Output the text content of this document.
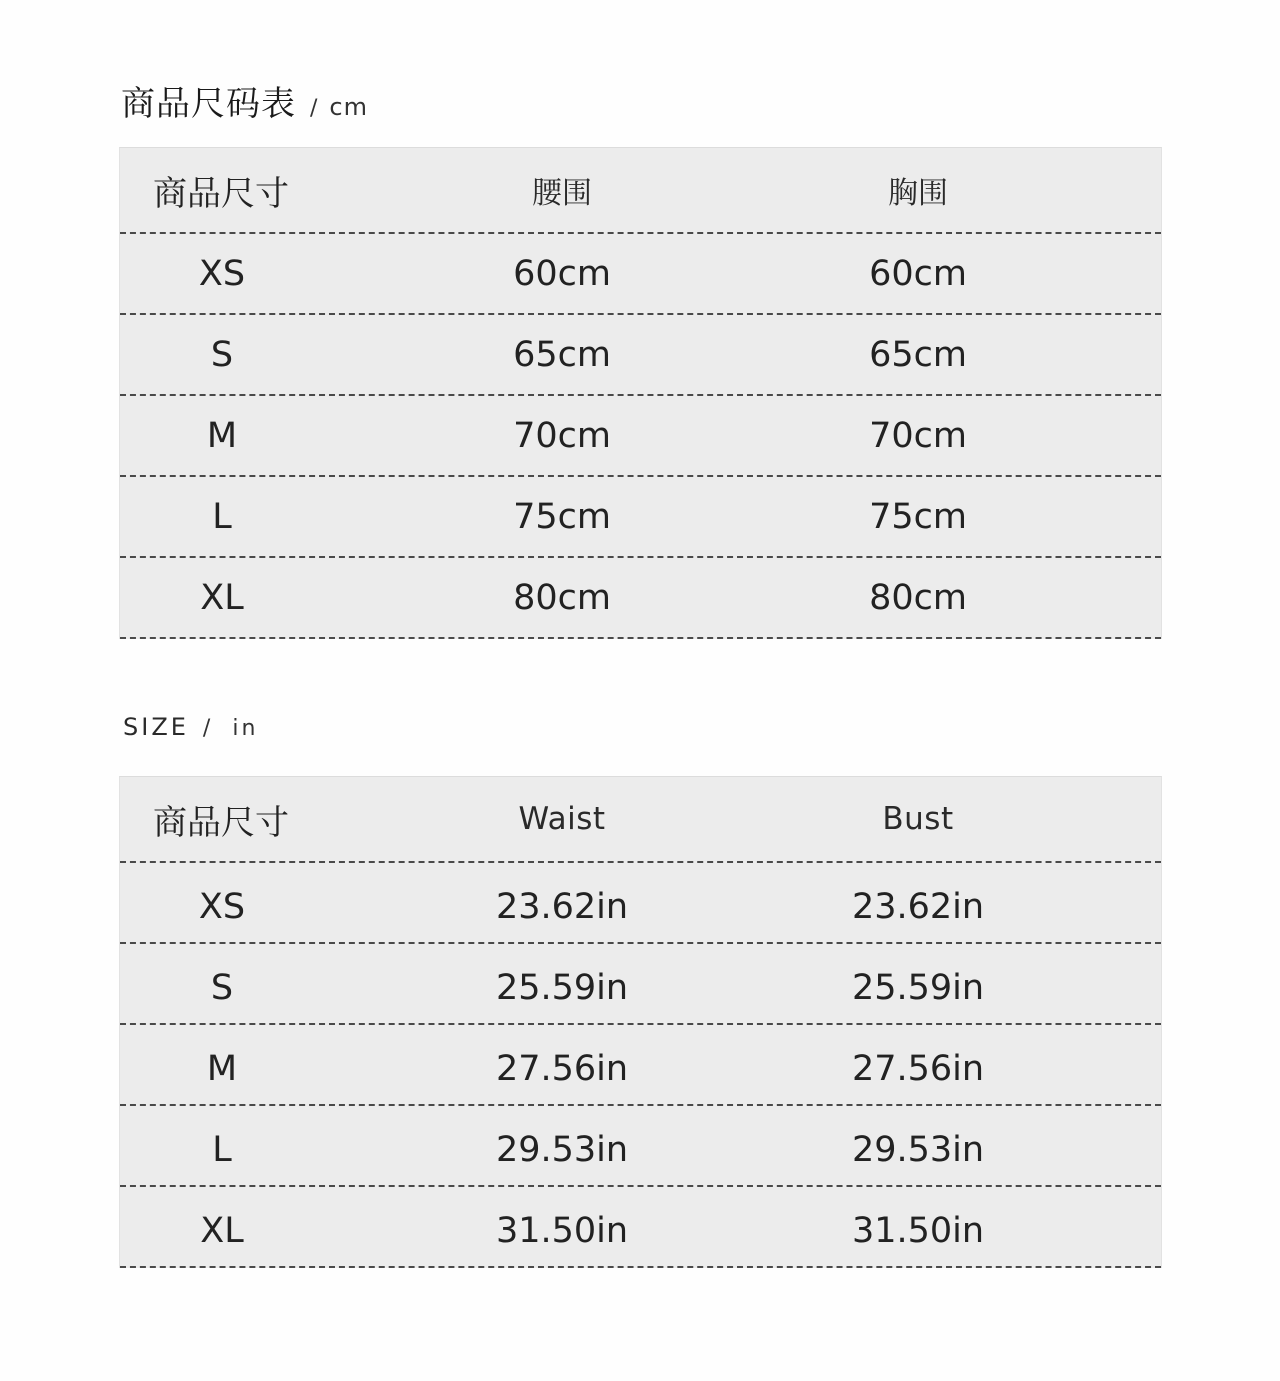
商品尺码表 / cm
商品尺寸	腰围	胸围
XS	60cm	60cm
S	65cm	65cm
M	70cm	70cm
L	75cm	75cm
XL	80cm	80cm
SIZE / in
商品尺寸	Waist	Bust
XS	23.62in	23.62in
S	25.59in	25.59in
M	27.56in	27.56in
L	29.53in	29.53in
XL	31.50in	31.50in
